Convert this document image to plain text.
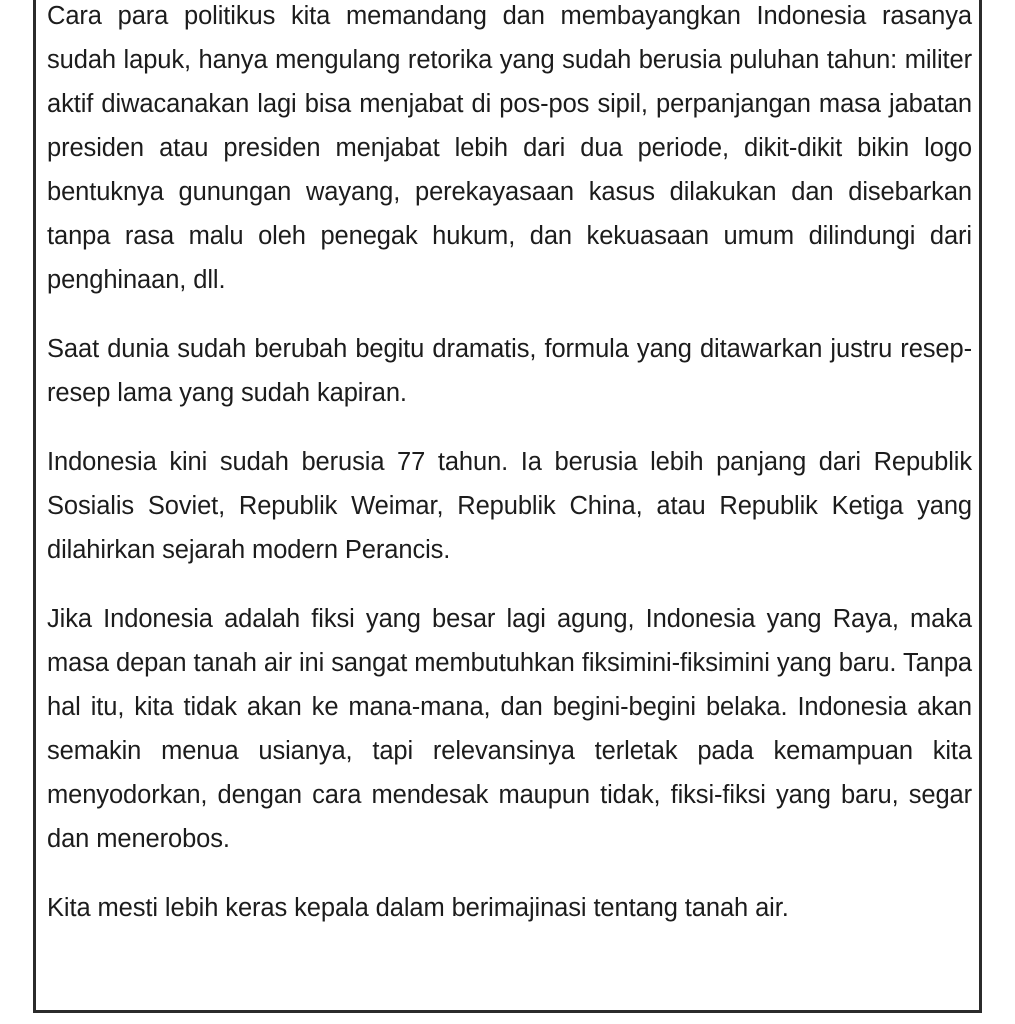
Cara para politikus kita memandang dan membayangkan Indonesia rasanya sudah lapuk, hanya mengulang retorika yang sudah berusia puluhan tahun: militer aktif diwacanakan lagi bisa menjabat di pos-pos sipil, perpanjangan masa jabatan presiden atau presiden menjabat lebih dari dua periode, dikit-dikit bikin logo bentuknya gunungan wayang, perekayasaan kasus dilakukan dan disebarkan tanpa rasa malu oleh penegak hukum, dan kekuasaan umum dilindungi dari penghinaan, dll.

Saat dunia sudah berubah begitu dramatis, formula yang ditawarkan justru resep-resep lama yang sudah kapiran.

Indonesia kini sudah berusia 77 tahun. Ia berusia lebih panjang dari Republik Sosialis Soviet, Republik Weimar, Republik China, atau Republik Ketiga yang dilahirkan sejarah modern Perancis.

Jika Indonesia adalah fiksi yang besar lagi agung, Indonesia yang Raya, maka masa depan tanah air ini sangat membutuhkan fiksimini-fiksimini yang baru. Tanpa hal itu, kita tidak akan ke mana-mana, dan begini-begini belaka. Indonesia akan semakin menua usianya, tapi relevansinya terletak pada kemampuan kita menyodorkan, dengan cara mendesak maupun tidak, fiksi-fiksi yang baru, segar dan menerobos.

Kita mesti lebih keras kepala dalam berimajinasi tentang tanah air.
